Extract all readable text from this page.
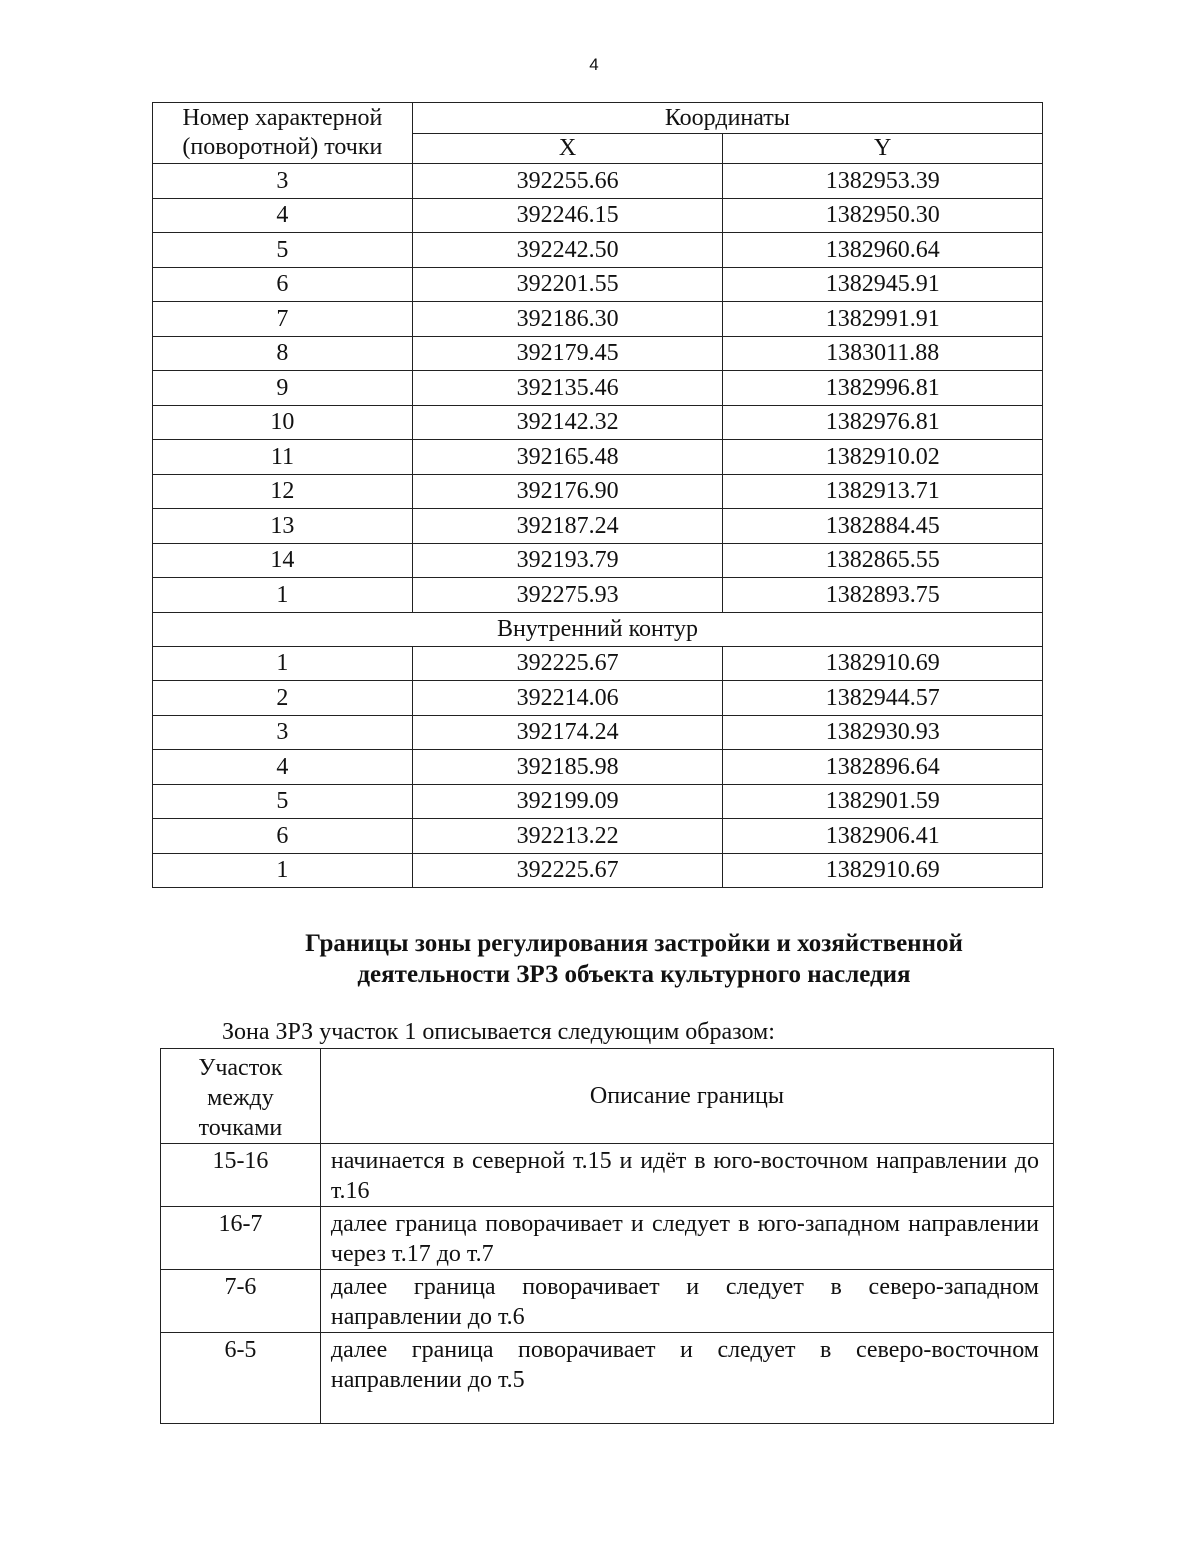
4
Номер характерной (поворотной) точки	Координаты	
	X	Y
3	392255.66	1382953.39
4	392246.15	1382950.30
5	392242.50	1382960.64
6	392201.55	1382945.91
7	392186.30	1382991.91
8	392179.45	1383011.88
9	392135.46	1382996.81
10	392142.32	1382976.81
11	392165.48	1382910.02
12	392176.90	1382913.71
13	392187.24	1382884.45
14	392193.79	1382865.55
1	392275.93	1382893.75
Внутренний контур		
1	392225.67	1382910.69
2	392214.06	1382944.57
3	392174.24	1382930.93
4	392185.98	1382896.64
5	392199.09	1382901.59
6	392213.22	1382906.41
1	392225.67	1382910.69
Границы зоны регулирования застройки и хозяйственной
деятельности ЗРЗ объекта культурного наследия
Зона ЗРЗ участок 1 описывается следующим образом:
Участок
между
точками	Описание границы
15-16	начинается в северной т.15 и идёт в юго-восточном направлении до т.16
16-7	далее граница поворачивает и следует в юго-западном направлении через т.17 до т.7
7-6	далее граница поворачивает и следует в северо-западном направлении до т.6
6-5	далее граница поворачивает и следует в северо-восточном направлении до т.5
